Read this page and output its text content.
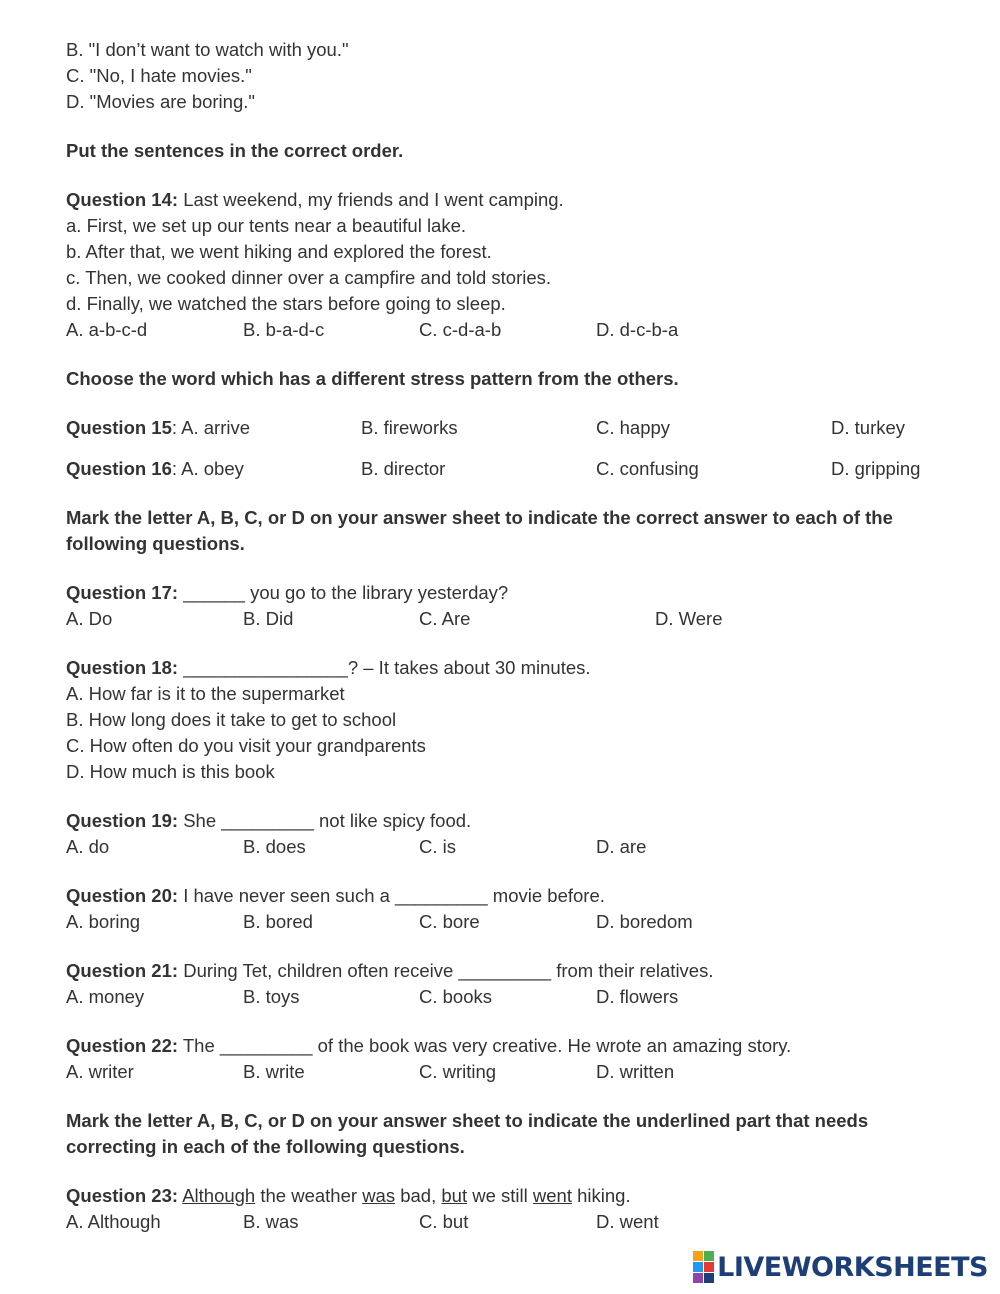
B. "I don’t want to watch with you."
C. "No, I hate movies."
D. "Movies are boring."
Put the sentences in the correct order.
Question 14: Last weekend, my friends and I went camping.
a. First, we set up our tents near a beautiful lake.
b. After that, we went hiking and explored the forest.
c. Then, we cooked dinner over a campfire and told stories.
d. Finally, we watched the stars before going to sleep.
A. a-b-c-d	B. b-a-d-c	C. c-d-a-b	D. d-c-b-a
Choose the word which has a different stress pattern from the others.
Question 15: A. arrive	B. fireworks	C. happy	D. turkey
Question 16: A. obey	B. director	C. confusing	D. gripping
Mark the letter A, B, C, or D on your answer sheet to indicate the correct answer to each of the following questions.
Question 17: ______ you go to the library yesterday?
A. Do	B. Did	C. Are	D. Were
Question 18: ________________? – It takes about 30 minutes.
A. How far is it to the supermarket
B. How long does it take to get to school
C. How often do you visit your grandparents
D. How much is this book
Question 19: She _________ not like spicy food.
A. do	B. does	C. is	D. are
Question 20: I have never seen such a _________ movie before.
A. boring	B. bored	C. bore	D. boredom
Question 21: During Tet, children often receive _________ from their relatives.
A. money	B. toys	C. books	D. flowers
Question 22: The _________ of the book was very creative. He wrote an amazing story.
A. writer	B. write	C. writing	D. written
Mark the letter A, B, C, or D on your answer sheet to indicate the underlined part that needs correcting in each of the following questions.
Question 23: Although the weather was bad, but we still went hiking.
A. Although	B. was	C. but	D. went
LIVEWORKSHEETS
